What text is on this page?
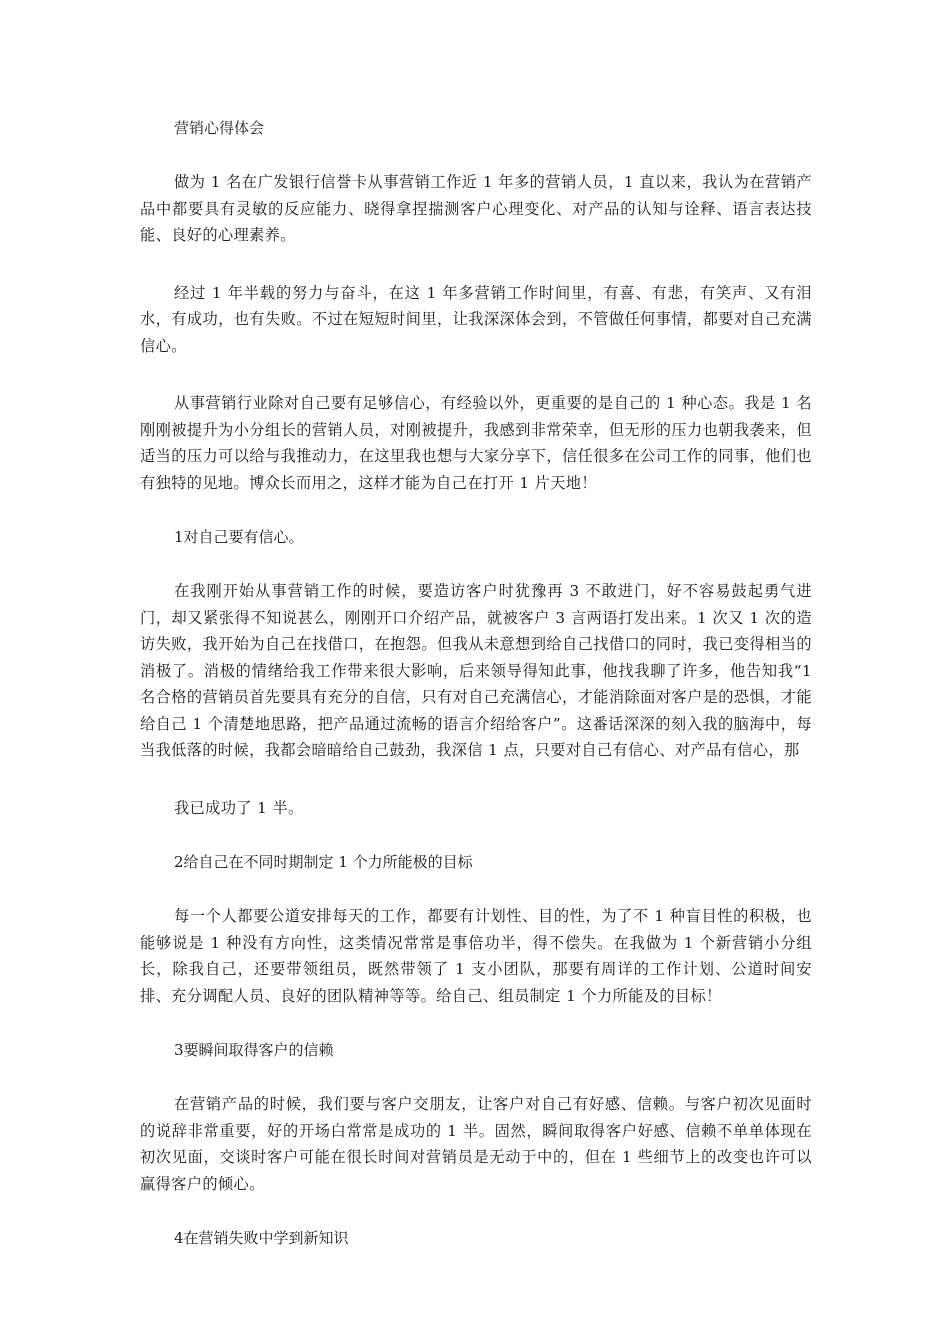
营销心得体会

做为 1 名在广发银行信誉卡从事营销工作近 1 年多的营销人员，1 直以来，我认为在营销产品中都要具有灵敏的反应能力、晓得拿捏揣测客户心理变化、对产品的认知与诠释、语言表达技能、良好的心理素养。

经过 1 年半载的努力与奋斗，在这 1 年多营销工作时间里，有喜、有悲，有笑声、又有泪水，有成功，也有失败。不过在短短时间里，让我深深体会到，不管做任何事情，都要对自己充满信心。

从事营销行业除对自己要有足够信心，有经验以外，更重要的是自己的 1 种心态。我是 1 名刚刚被提升为小分组长的营销人员，对刚被提升，我感到非常荣幸，但无形的压力也朝我袭来，但适当的压力可以给与我推动力，在这里我也想与大家分享下，信任很多在公司工作的同事，他们也有独特的见地。博众长而用之，这样才能为自己在打开 1 片天地！

1对自己要有信心。

在我刚开始从事营销工作的时候，要造访客户时犹豫再 3 不敢进门，好不容易鼓起勇气进门，却又紧张得不知说甚么，刚刚开口介绍产品，就被客户 3 言两语打发出来。1 次又 1 次的造访失败，我开始为自己在找借口，在抱怨。但我从未意想到给自己找借口的同时，我已变得相当的消极了。消极的情绪给我工作带来很大影响，后来领导得知此事，他找我聊了许多，他告知我“1 名合格的营销员首先要具有充分的自信，只有对自己充满信心，才能消除面对客户是的恐惧，才能给自己 1 个清楚地思路，把产品通过流畅的语言介绍给客户”。这番话深深的刻入我的脑海中，每当我低落的时候，我都会暗暗给自己鼓劲，我深信 1 点，只要对自己有信心、对产品有信心，那

我已成功了 1 半。

2给自己在不同时期制定 1 个力所能极的目标

每一个人都要公道安排每天的工作，都要有计划性、目的性，为了不 1 种盲目性的积极，也能够说是 1 种没有方向性，这类情况常常是事倍功半，得不偿失。在我做为 1 个新营销小分组长，除我自己，还要带领组员，既然带领了 1 支小团队，那要有周详的工作计划、公道时间安排、充分调配人员、良好的团队精神等等。给自己、组员制定 1 个力所能及的目标！

3要瞬间取得客户的信赖

在营销产品的时候，我们要与客户交朋友，让客户对自己有好感、信赖。与客户初次见面时的说辞非常重要，好的开场白常常是成功的 1 半。固然，瞬间取得客户好感、信赖不单单体现在初次见面，交谈时客户可能在很长时间对营销员是无动于中的，但在 1 些细节上的改变也许可以赢得客户的倾心。

4在营销失败中学到新知识
